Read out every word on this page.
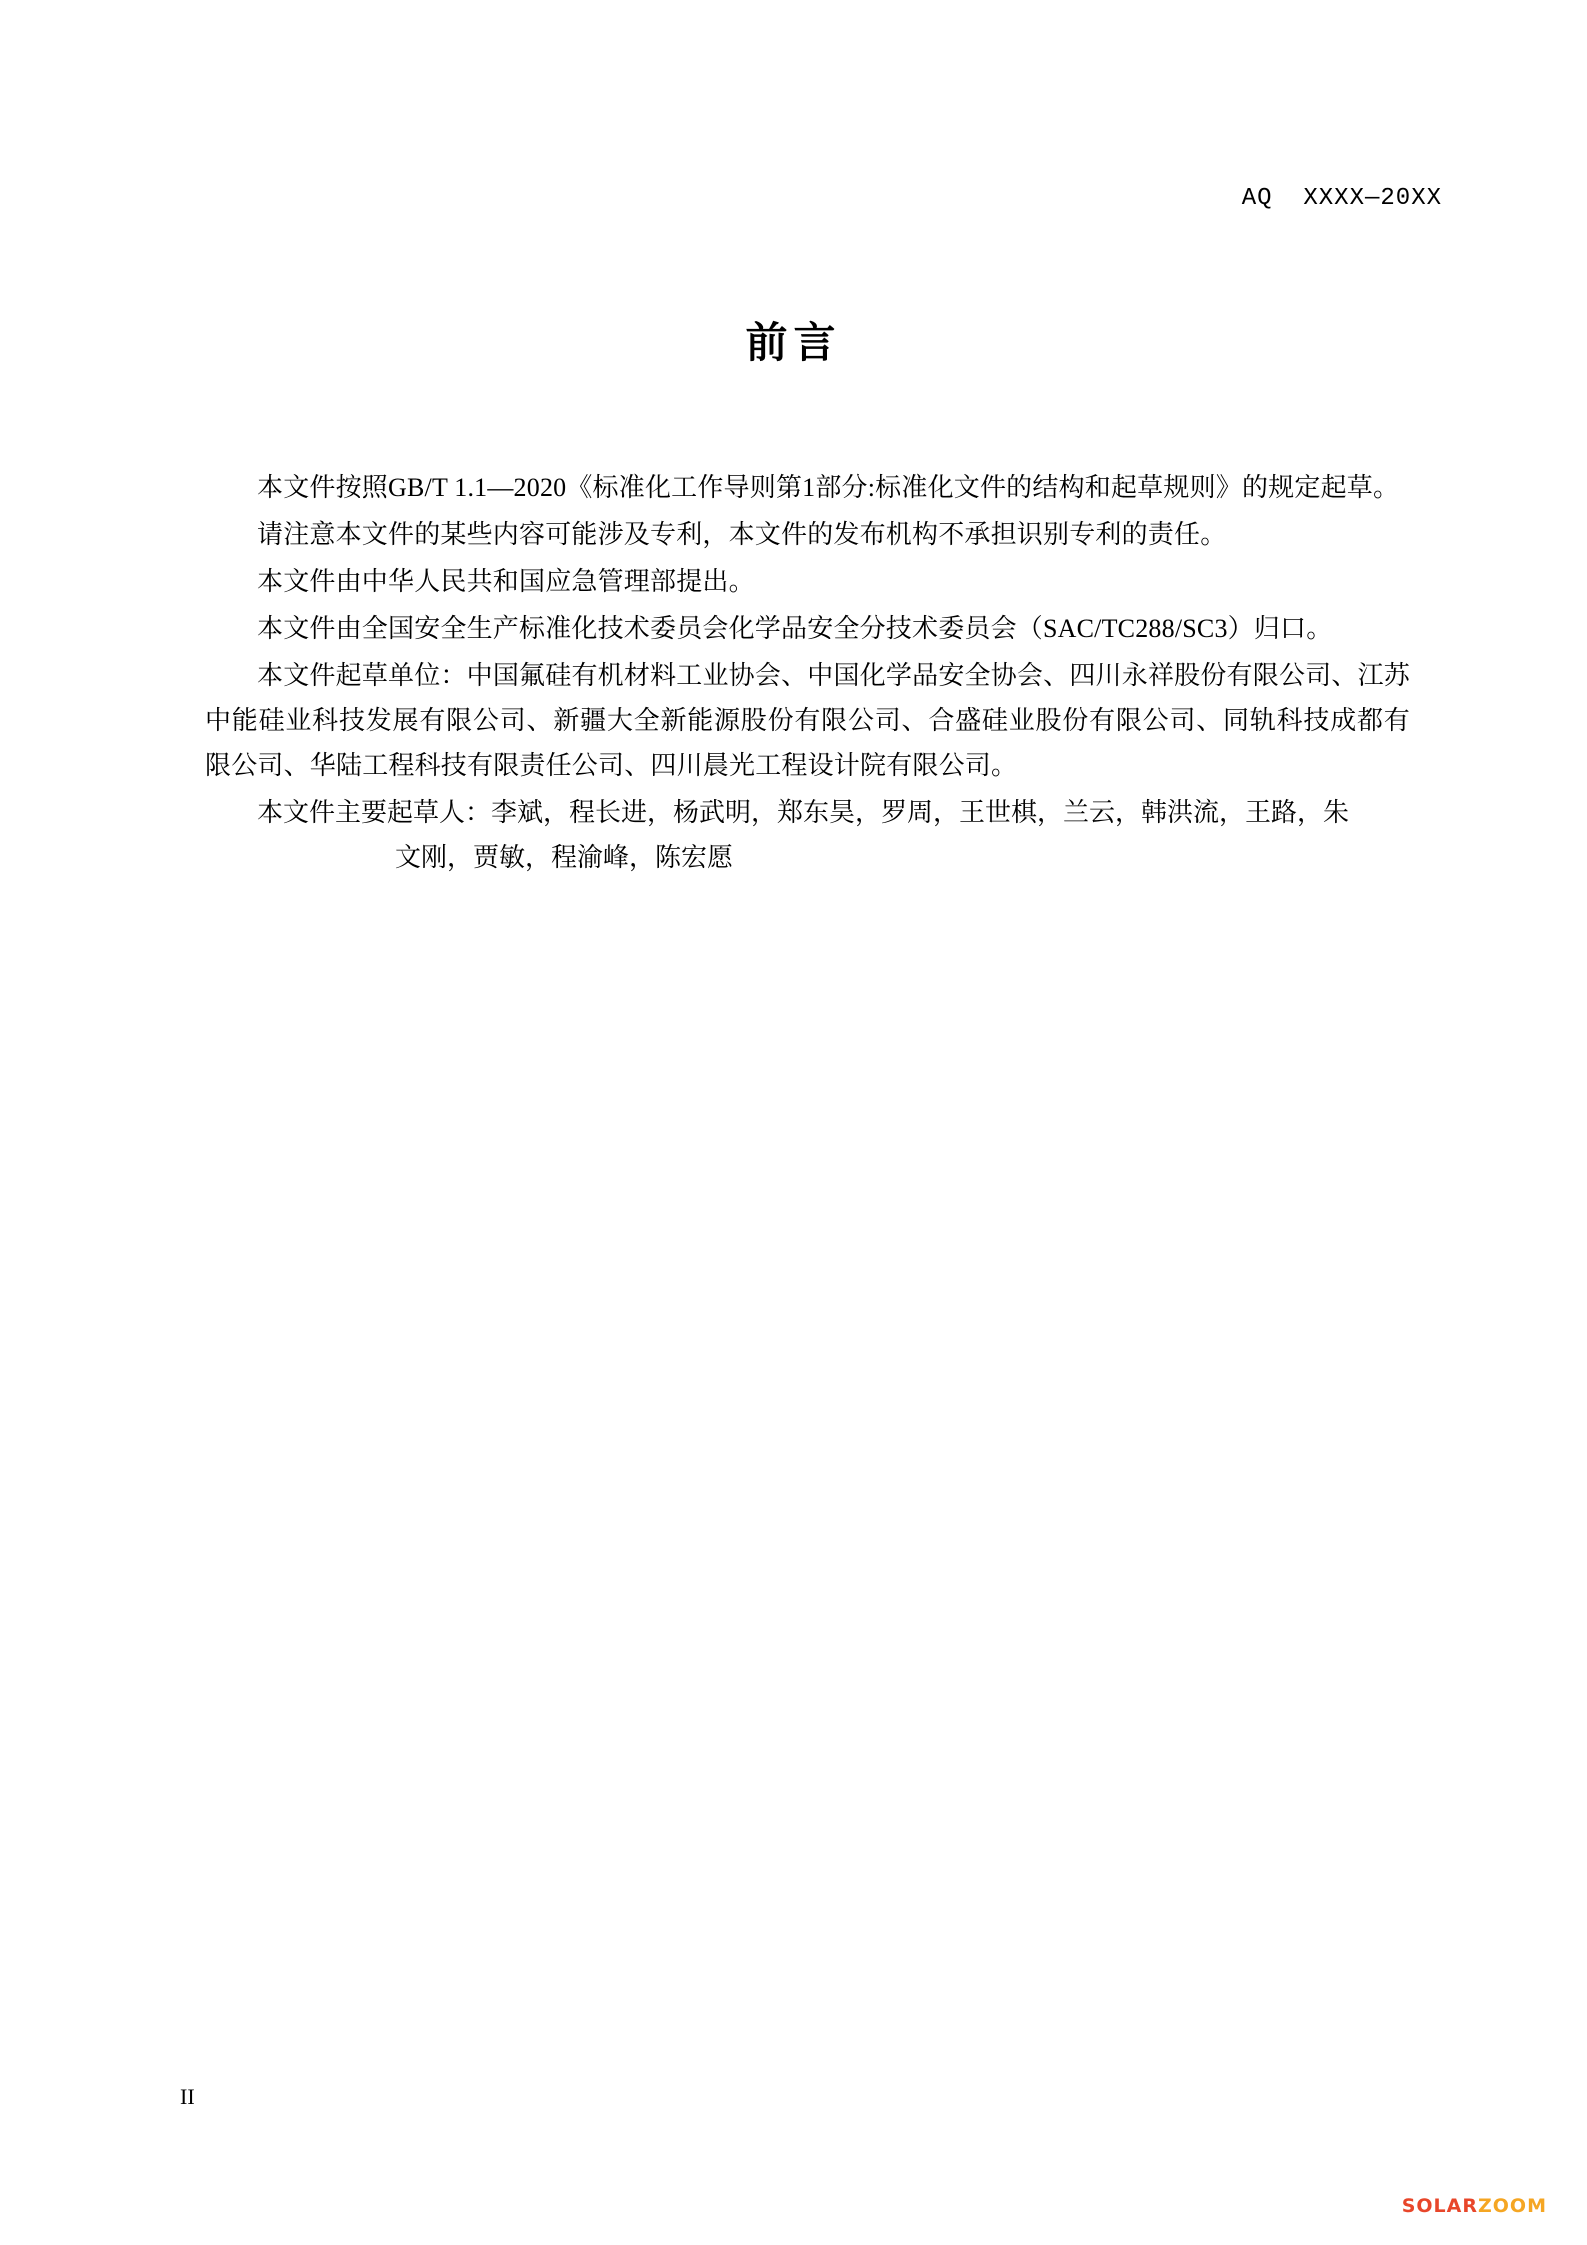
AQ  XXXX—20XX
前言

本文件按照GB/T 1.1—2020《标准化工作导则第1部分:标准化文件的结构和起草规则》的规定起草。

请注意本文件的某些内容可能涉及专利，本文件的发布机构不承担识别专利的责任。

本文件由中华人民共和国应急管理部提出。

本文件由全国安全生产标准化技术委员会化学品安全分技术委员会（SAC/TC288/SC3）归口。

本文件起草单位：中国氟硅有机材料工业协会、中国化学品安全协会、四川永祥股份有限公司、江苏中能硅业科技发展有限公司、新疆大全新能源股份有限公司、合盛硅业股份有限公司、同轨科技成都有限公司、华陆工程科技有限责任公司、四川晨光工程设计院有限公司。

本文件主要起草人：李斌，程长进，杨武明，郑东昊，罗周，王世棋，兰云，韩洪流，王路，朱

文刚，贾敏，程渝峰，陈宏愿

II
SOLARZOOM
